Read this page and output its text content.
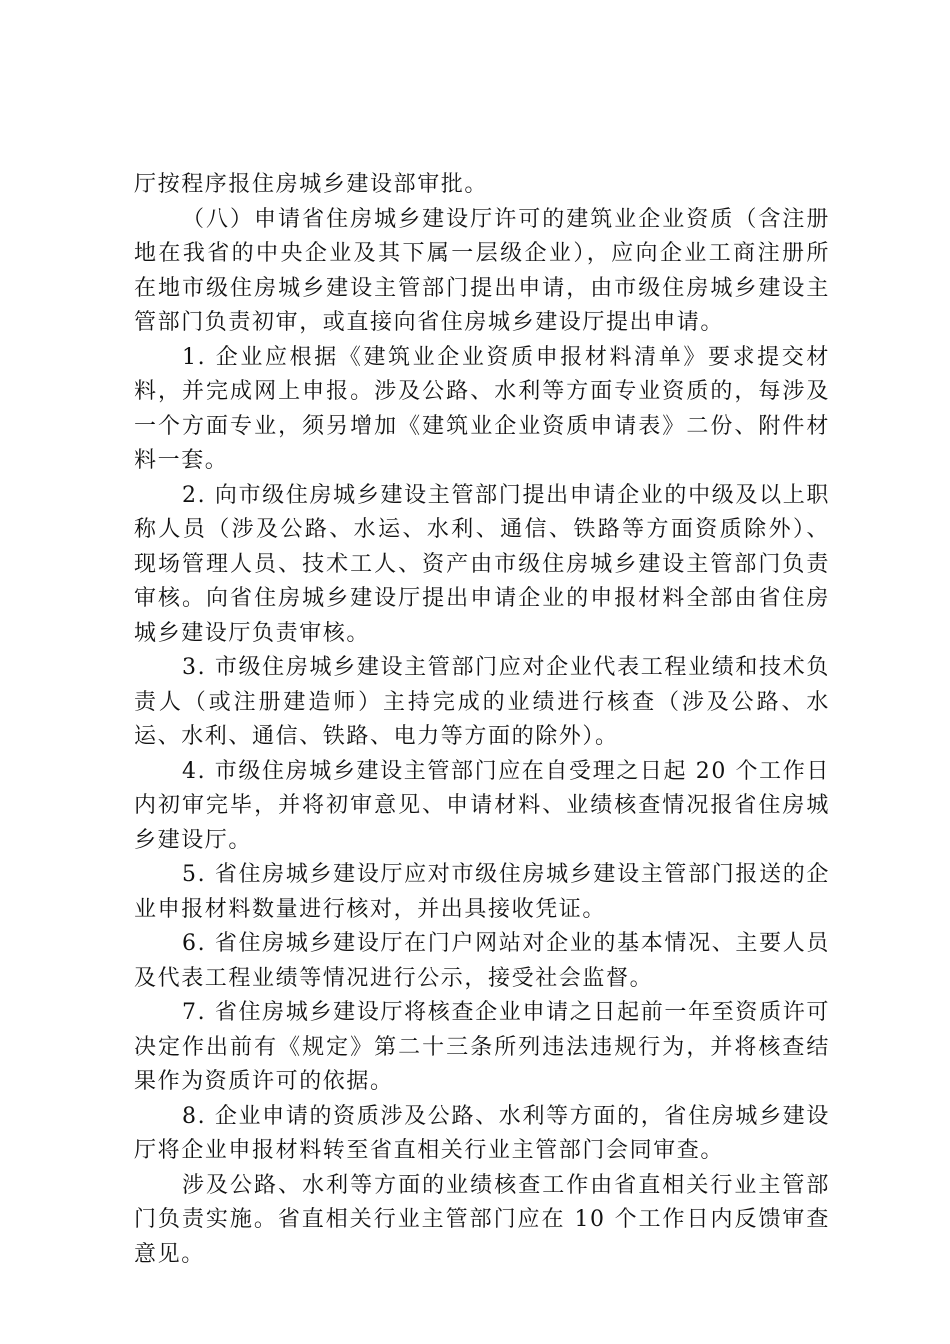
厅按程序报住房城乡建设部审批。

（八）申请省住房城乡建设厅许可的建筑业企业资质（含注册地在我省的中央企业及其下属一层级企业），应向企业工商注册所在地市级住房城乡建设主管部门提出申请，由市级住房城乡建设主管部门负责初审，或直接向省住房城乡建设厅提出申请。

1. 企业应根据《建筑业企业资质申报材料清单》要求提交材料，并完成网上申报。涉及公路、水利等方面专业资质的，每涉及一个方面专业，须另增加《建筑业企业资质申请表》二份、附件材料一套。

2. 向市级住房城乡建设主管部门提出申请企业的中级及以上职称人员（涉及公路、水运、水利、通信、铁路等方面资质除外）、现场管理人员、技术工人、资产由市级住房城乡建设主管部门负责审核。向省住房城乡建设厅提出申请企业的申报材料全部由省住房城乡建设厅负责审核。

3. 市级住房城乡建设主管部门应对企业代表工程业绩和技术负责人（或注册建造师）主持完成的业绩进行核查（涉及公路、水运、水利、通信、铁路、电力等方面的除外）。

4. 市级住房城乡建设主管部门应在自受理之日起 20 个工作日内初审完毕，并将初审意见、申请材料、业绩核查情况报省住房城乡建设厅。

5. 省住房城乡建设厅应对市级住房城乡建设主管部门报送的企业申报材料数量进行核对，并出具接收凭证。

6. 省住房城乡建设厅在门户网站对企业的基本情况、主要人员及代表工程业绩等情况进行公示，接受社会监督。

7. 省住房城乡建设厅将核查企业申请之日起前一年至资质许可决定作出前有《规定》第二十三条所列违法违规行为，并将核查结果作为资质许可的依据。

8. 企业申请的资质涉及公路、水利等方面的，省住房城乡建设厅将企业申报材料转至省直相关行业主管部门会同审查。

涉及公路、水利等方面的业绩核查工作由省直相关行业主管部门负责实施。省直相关行业主管部门应在 10 个工作日内反馈审查意见。
